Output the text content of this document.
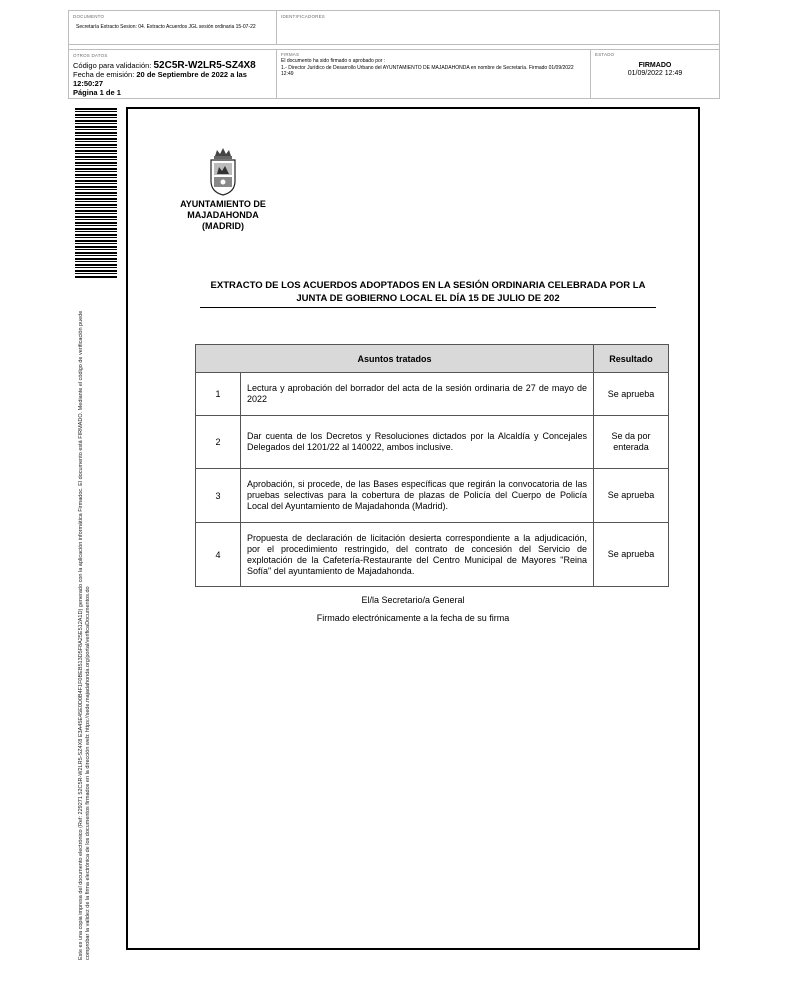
DOCUMENTO
Secretaría Extracto Sesion: 04. Extracto Acuerdos JGL sesión ordinaria 15-07-22
IDENTIFICADORES
OTROS DATOS
Código para validación: 52C5R-W2LR5-SZ4X8
Fecha de emisión: 20 de Septiembre de 2022 a las 12:50:27
Página 1 de 1
FIRMAS
El documento ha sido firmado o aprobado por :
1.- Director Jurídico de Desarrollo Urbano del AYUNTAMIENTO DE MAJADAHONDA en nombre de Secretaría. Firmado 01/09/2022 12:49
ESTADO
FIRMADO
01/09/2022 12:49
Este es una copia impresa del documento electrónico (Ref: 229271 52C5R-W2LR5-SZ4X8 E3A45E45E0D0B4F1F0BEB513D5F8A25E512A1D) generado con la aplicación informática Firmadoc. El documento está FIRMADO. Mediante el código de verificación puede comprobar la validez de la firma electrónica de los documentos firmados en la dirección web: https://sede.majadahonda.org/portal/verificaDocumentos.do
AYUNTAMIENTO DE
MAJADAHONDA
(MADRID)
EXTRACTO DE LOS ACUERDOS ADOPTADOS EN LA SESIÓN ORDINARIA CELEBRADA POR LA
JUNTA DE GOBIERNO LOCAL EL DÍA 15 DE JULIO DE 202
Asuntos tratados		Resultado
1	Lectura y aprobación del borrador del acta de la sesión ordinaria de 27 de mayo de 2022	Se aprueba
2	Dar cuenta de los Decretos y Resoluciones dictados por la Alcaldía y Concejales Delegados del 1201/22 al 140022, ambos inclusive.	Se da por enterada
3	Aprobación, si procede, de las Bases específicas que regirán la convocatoria de las pruebas selectivas para la cobertura de plazas de Policía del Cuerpo de Policía Local del Ayuntamiento de Majadahonda (Madrid).	Se aprueba
4	Propuesta de declaración de licitación desierta correspondiente a la adjudicación, por el procedimiento restringido, del contrato de concesión del Servicio de explotación de la Cafetería-Restaurante del Centro Municipal de Mayores "Reina Sofía" del ayuntamiento de Majadahonda.	Se aprueba
El/la Secretario/a General
Firmado electrónicamente a la fecha de su firma
